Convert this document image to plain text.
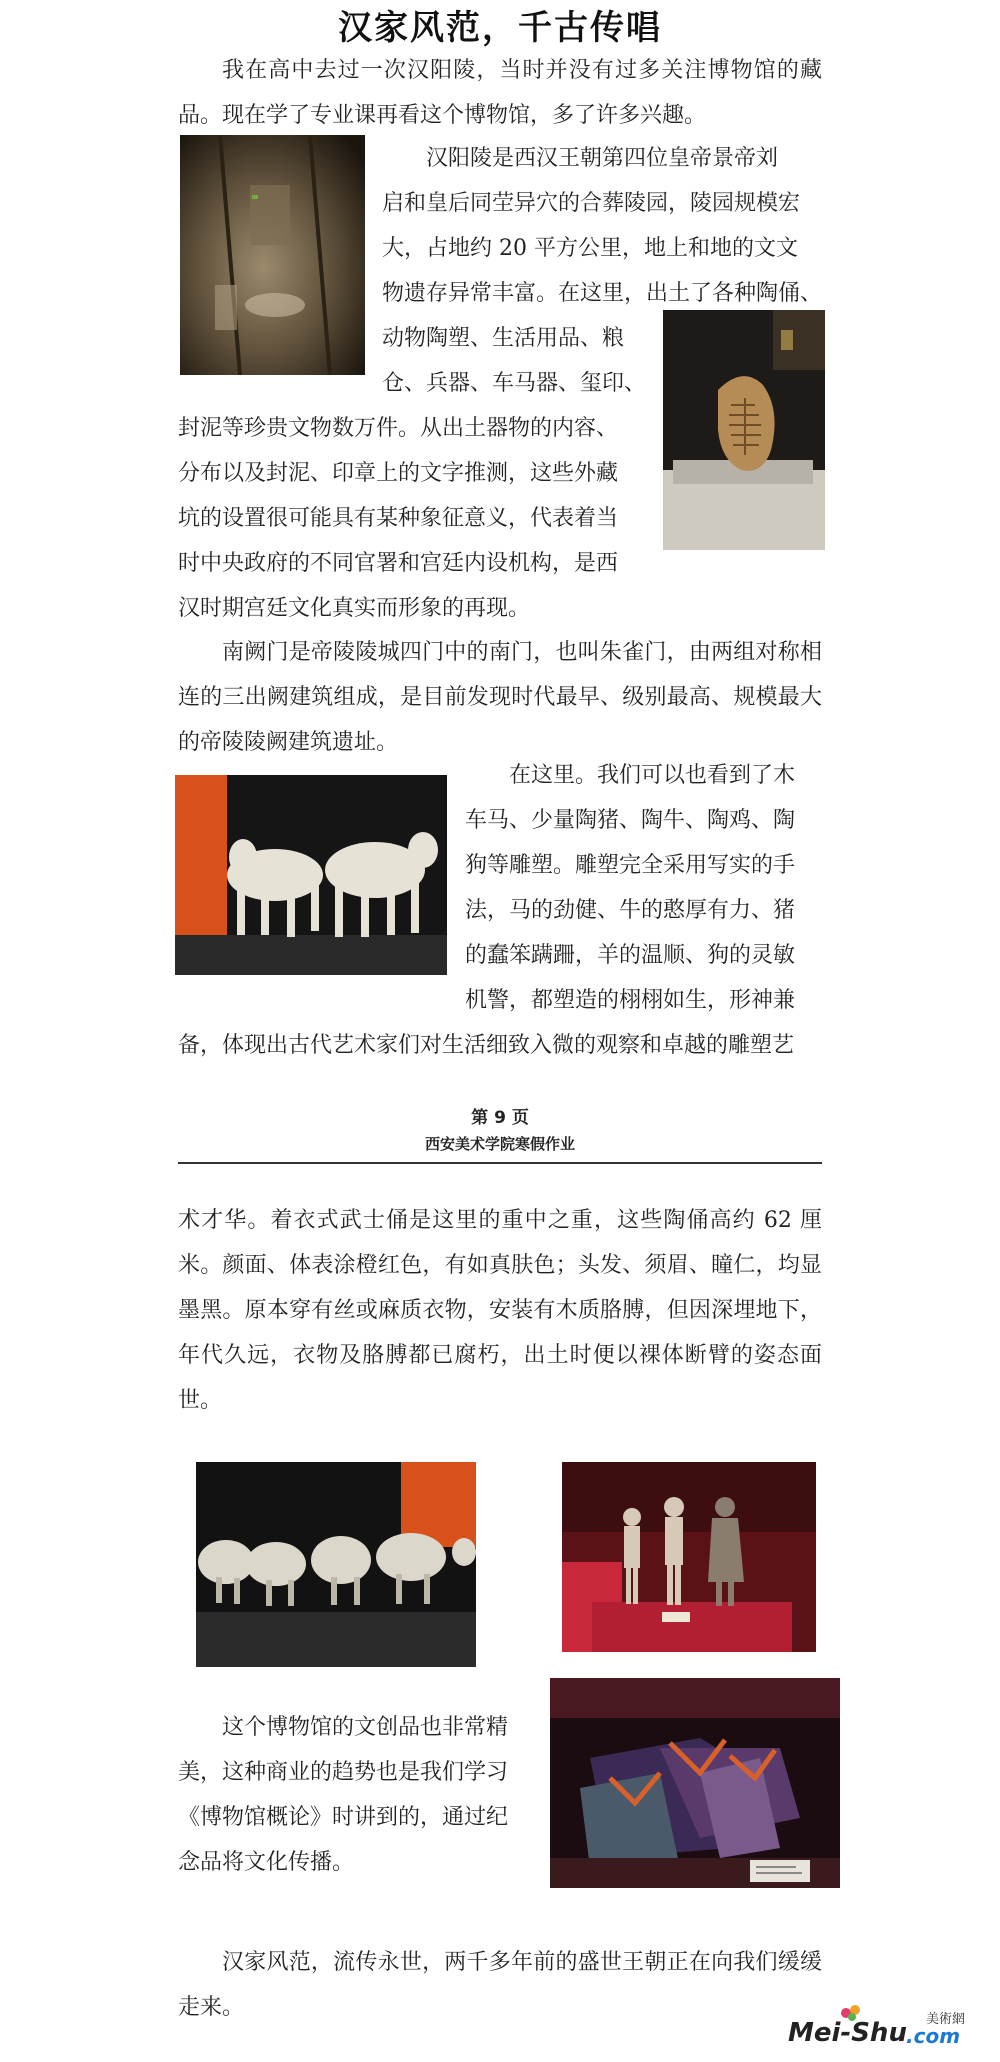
汉家风范，千古传唱
我在高中去过一次汉阳陵，当时并没有过多关注博物馆的藏品。现在学了专业课再看这个博物馆，多了许多兴趣。
汉阳陵是西汉王朝第四位皇帝景帝刘
启和皇后同茔异穴的合葬陵园，陵园规模宏
大，占地约 20 平方公里，地上和地的文文
物遗存异常丰富。在这里，出土了各种陶俑、
动物陶塑、生活用品、粮
仓、兵器、车马器、玺印、
封泥等珍贵文物数万件。从出土器物的内容、
分布以及封泥、印章上的文字推测，这些外藏
坑的设置很可能具有某种象征意义，代表着当
时中央政府的不同官署和宫廷内设机构，是西
汉时期宫廷文化真实而形象的再现。
南阙门是帝陵陵城四门中的南门，也叫朱雀门，由两组对称相连的三出阙建筑组成，是目前发现时代最早、级别最高、规模最大的帝陵陵阙建筑遗址。
在这里。我们可以也看到了木
车马、少量陶猪、陶牛、陶鸡、陶
狗等雕塑。雕塑完全采用写实的手
法，马的劲健、牛的憨厚有力、猪
的蠢笨蹒跚，羊的温顺、狗的灵敏
机警，都塑造的栩栩如生，形神兼
备，体现出古代艺术家们对生活细致入微的观察和卓越的雕塑艺
第 9 页
西安美术学院寒假作业
术才华。着衣式武士俑是这里的重中之重，这些陶俑高约 62 厘米。颜面、体表涂橙红色，有如真肤色；头发、须眉、瞳仁，均显墨黑。原本穿有丝或麻质衣物，安装有木质胳膊，但因深埋地下，年代久远，衣物及胳膊都已腐朽，出土时便以裸体断臂的姿态面世。
这个博物馆的文创品也非常精
美，这种商业的趋势也是我们学习
《博物馆概论》时讲到的，通过纪
念品将文化传播。
汉家风范，流传永世，两千多年前的盛世王朝正在向我们缓缓走来。
Mei-Shu .com
美術網
